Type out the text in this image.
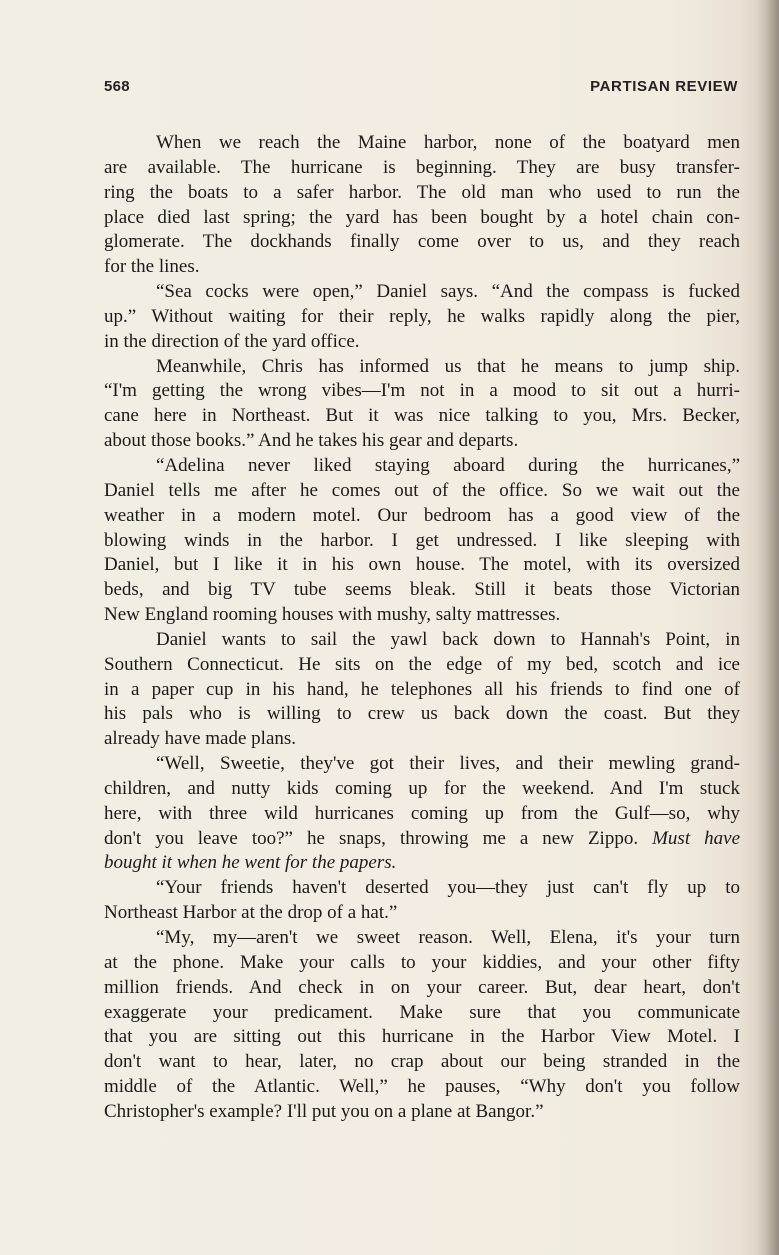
568	PARTISAN REVIEW
When we reach the Maine harbor, none of the boatyard men
are available. The hurricane is beginning. They are busy transfer-
ring the boats to a safer harbor. The old man who used to run the
place died last spring; the yard has been bought by a hotel chain con-
glomerate. The dockhands finally come over to us, and they reach
for the lines.
“Sea cocks were open,” Daniel says. “And the compass is fucked
up.” Without waiting for their reply, he walks rapidly along the pier,
in the direction of the yard office.
Meanwhile, Chris has informed us that he means to jump ship.
“I'm getting the wrong vibes—I'm not in a mood to sit out a hurri-
cane here in Northeast. But it was nice talking to you, Mrs. Becker,
about those books.” And he takes his gear and departs.
“Adelina never liked staying aboard during the hurricanes,”
Daniel tells me after he comes out of the office. So we wait out the
weather in a modern motel. Our bedroom has a good view of the
blowing winds in the harbor. I get undressed. I like sleeping with
Daniel, but I like it in his own house. The motel, with its oversized
beds, and big TV tube seems bleak. Still it beats those Victorian
New England rooming houses with mushy, salty mattresses.
Daniel wants to sail the yawl back down to Hannah's Point, in
Southern Connecticut. He sits on the edge of my bed, scotch and ice
in a paper cup in his hand, he telephones all his friends to find one of
his pals who is willing to crew us back down the coast. But they
already have made plans.
“Well, Sweetie, they've got their lives, and their mewling grand-
children, and nutty kids coming up for the weekend. And I'm stuck
here, with three wild hurricanes coming up from the Gulf—so, why
don't you leave too?” he snaps, throwing me a new Zippo. Must have
bought it when he went for the papers.
“Your friends haven't deserted you—they just can't fly up to
Northeast Harbor at the drop of a hat.”
“My, my—aren't we sweet reason. Well, Elena, it's your turn
at the phone. Make your calls to your kiddies, and your other fifty
million friends. And check in on your career. But, dear heart, don't
exaggerate your predicament. Make sure that you communicate
that you are sitting out this hurricane in the Harbor View Motel. I
don't want to hear, later, no crap about our being stranded in the
middle of the Atlantic. Well,” he pauses, “Why don't you follow
Christopher's example? I'll put you on a plane at Bangor.”
